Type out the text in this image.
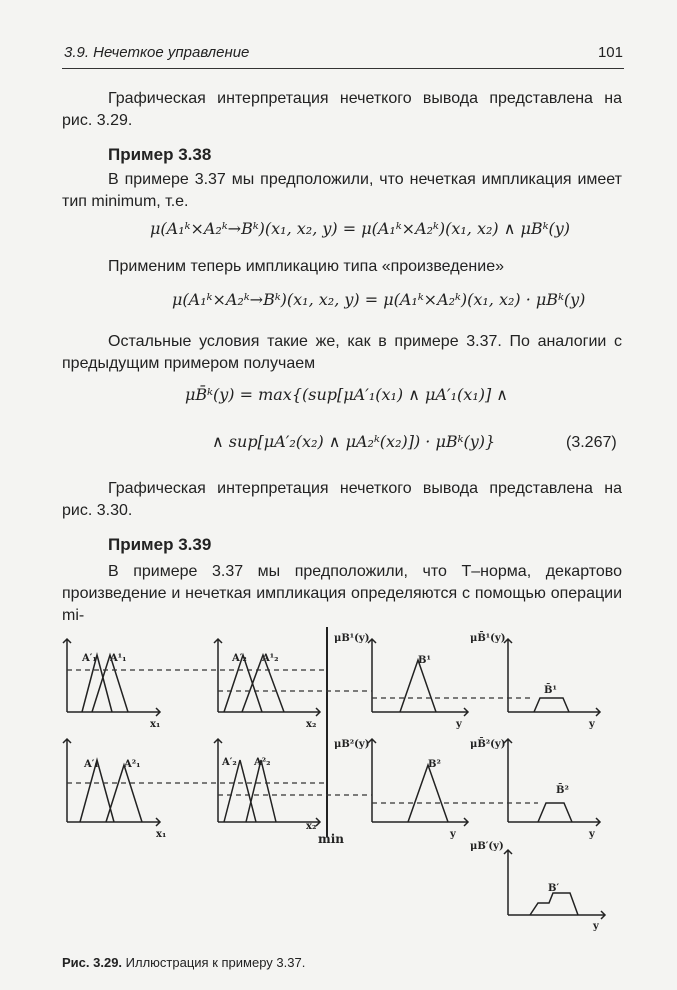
3.9. Нечеткое управление	101
Графическая интерпретация нечеткого вывода представлена на рис. 3.29.
Пример 3.38
В примере 3.37 мы предположили, что нечеткая импликация имеет тип minimum, т.е.
μ(A₁ᵏ×A₂ᵏ→Bᵏ)(x₁, x₂, y) = μ(A₁ᵏ×A₂ᵏ)(x₁, x₂) ∧ μBᵏ(y)
Применим теперь импликацию типа «произведение»
μ(A₁ᵏ×A₂ᵏ→Bᵏ)(x₁, x₂, y) = μ(A₁ᵏ×A₂ᵏ)(x₁, x₂) · μBᵏ(y)
Остальные условия такие же, как в примере 3.37. По аналогии с предыдущим примером получаем
μB̄ᵏ(y) = max{(sup[μA′₁(x₁) ∧ μA′₁(x₁)] ∧
∧ sup[μA′₂(x₂) ∧ μA₂ᵏ(x₂)]) · μBᵏ(y)}	(3.267)
Графическая интерпретация нечеткого вывода представлена на рис. 3.30.
Пример 3.39
В примере 3.37 мы предположили, что T–норма, декартово произведение и нечеткая импликация определяются с помощью операции mi-
A′₁ A¹₁
x₁
A′₂ A¹₂
x₂
μB¹(y)
B¹
y
μB̄¹(y)
B̄¹
y
A′₁	A²₁
x₁
A′₂ A²₂
x₂
μB²(y)
B²
y
μB̄²(y)
B̄²
y
μB′(y)
B′
y
min
Рис. 3.29. Иллюстрация к примеру 3.37.
